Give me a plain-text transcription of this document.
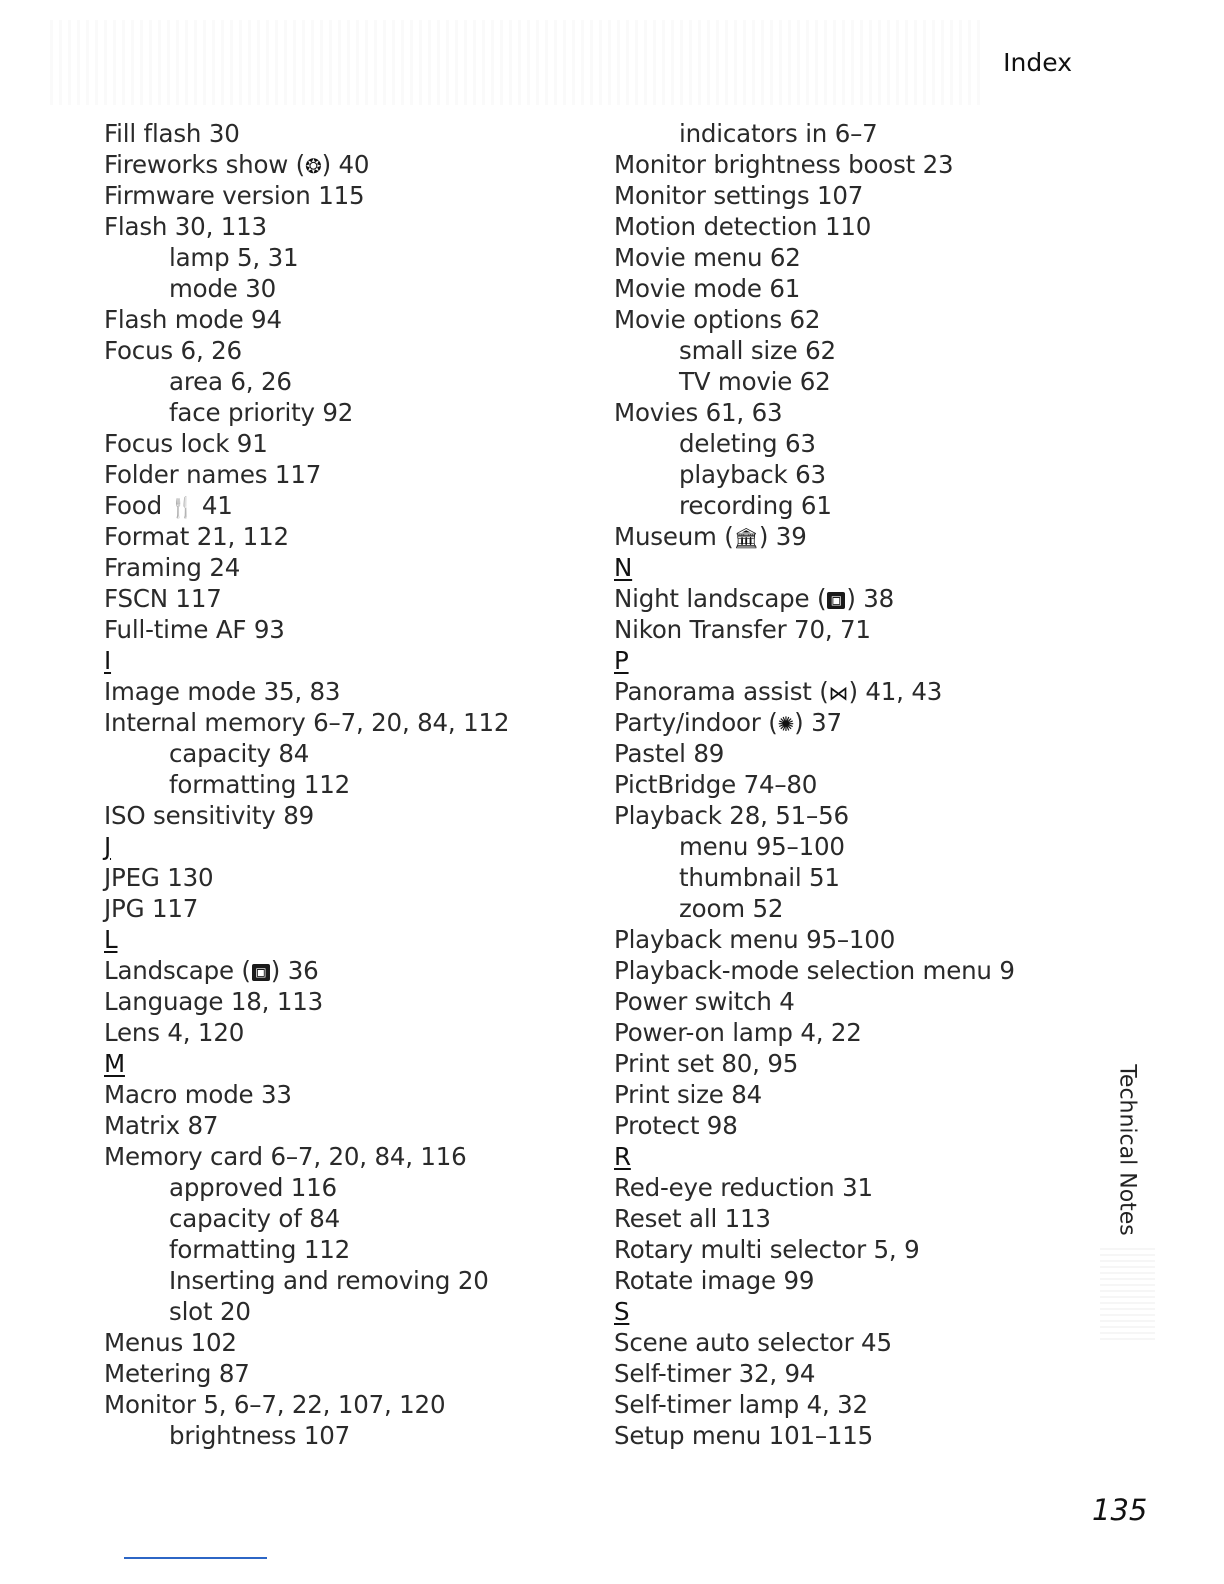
Index
Fill flash 30
Fireworks show (❂) 40
Firmware version 115
Flash 30, 113
lamp 5, 31
mode 30
Flash mode 94
Focus 6, 26
area 6, 26
face priority 92
Focus lock 91
Folder names 117
Food 🍴 41
Format 21, 112
Framing 24
FSCN 117
Full-time AF 93
I
Image mode 35, 83
Internal memory 6–7, 20, 84, 112
capacity 84
formatting 112
ISO sensitivity 89
J
JPEG 130
JPG 117
L
Landscape ( ▣ ) 36
Language 18, 113
Lens 4, 120
M
Macro mode 33
Matrix 87
Memory card 6–7, 20, 84, 116
approved 116
capacity of 84
formatting 112
Inserting and removing 20
slot 20
Menus 102
Metering 87
Monitor 5, 6–7, 22, 107, 120
brightness 107
indicators in 6–7
Monitor brightness boost 23
Monitor settings 107
Motion detection 110
Movie menu 62
Movie mode 61
Movie options 62
small size 62
TV movie 62
Movies 61, 63
deleting 63
playback 63
recording 61
Museum (🏛) 39
N
Night landscape ( ▣ ) 38
Nikon Transfer 70, 71
P
Panorama assist (⋈) 41, 43
Party/indoor (✺) 37
Pastel 89
PictBridge 74–80
Playback 28, 51–56
menu 95–100
thumbnail 51
zoom 52
Playback menu 95–100
Playback-mode selection menu 9
Power switch 4
Power-on lamp 4, 22
Print set 80, 95
Print size 84
Protect 98
R
Red-eye reduction 31
Reset all 113
Rotary multi selector 5, 9
Rotate image 99
S
Scene auto selector 45
Self-timer 32, 94
Self-timer lamp 4, 32
Setup menu 101–115
Technical Notes
135
